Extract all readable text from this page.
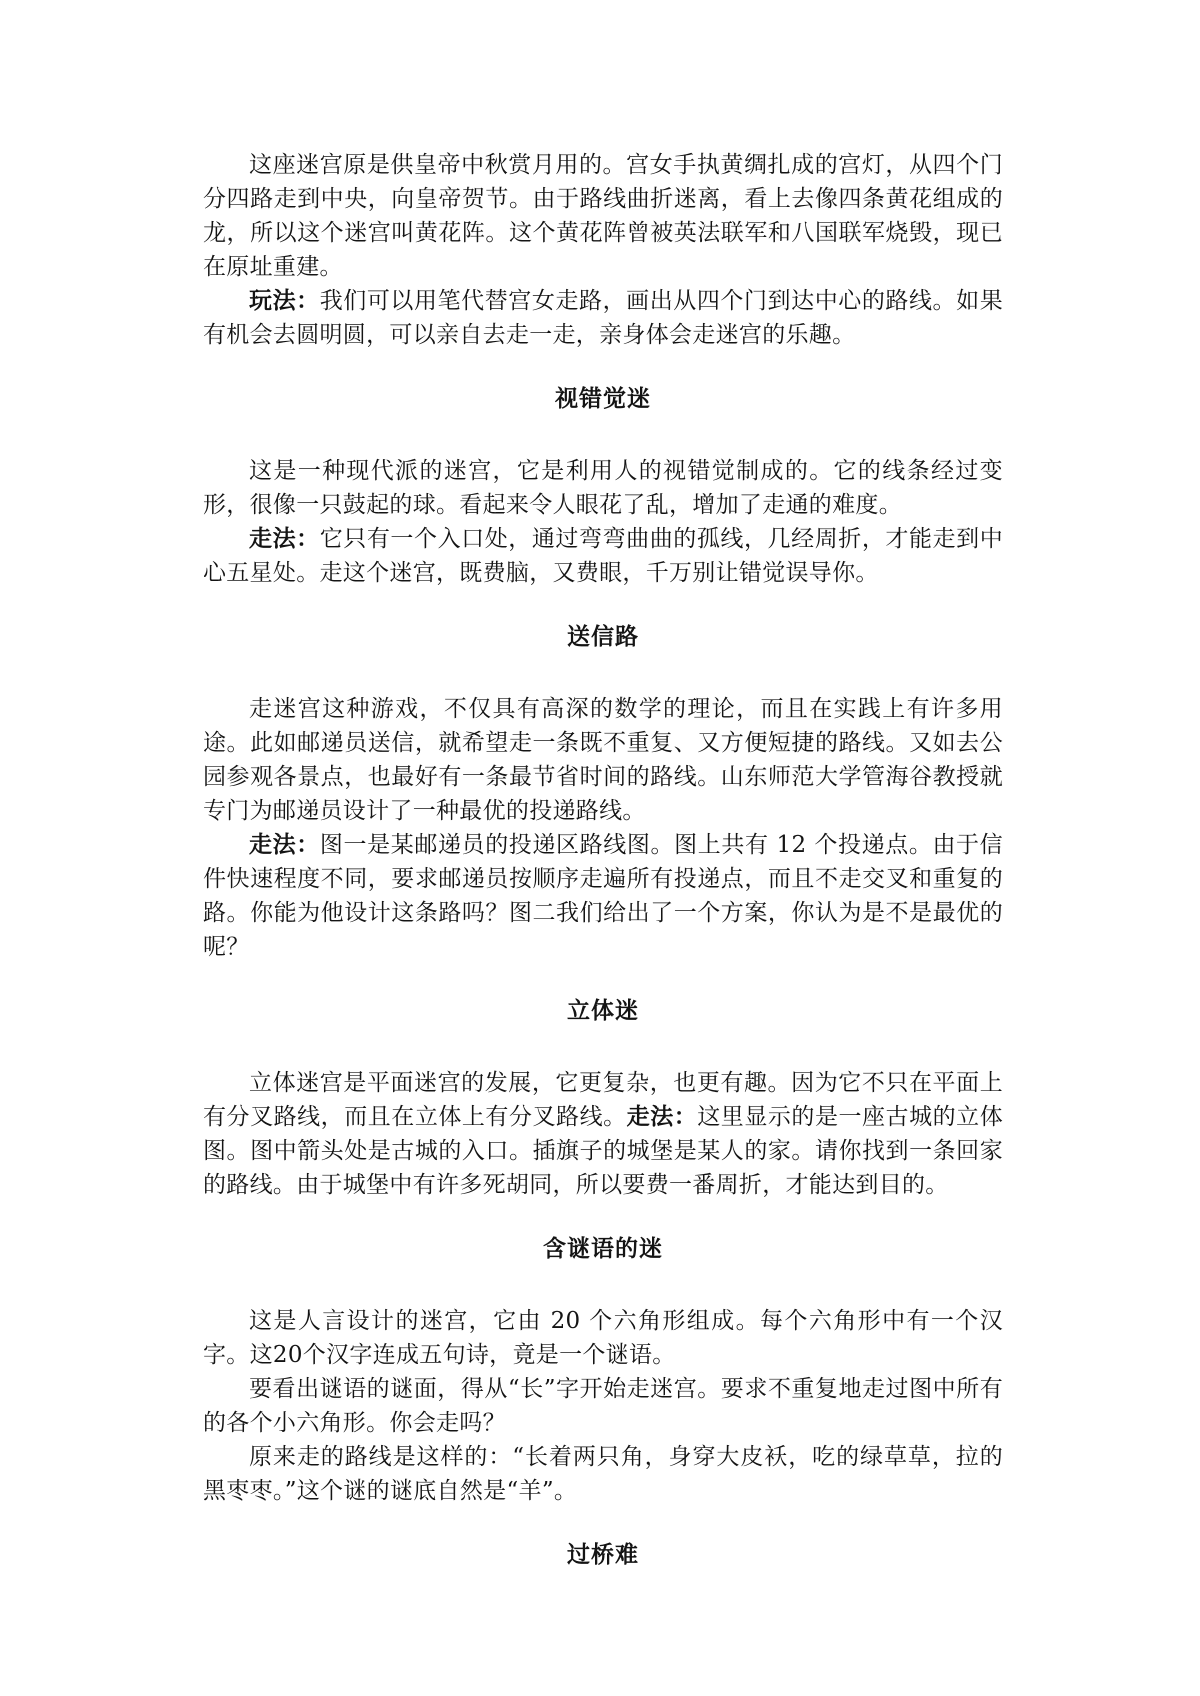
这座迷宫原是供皇帝中秋赏月用的。宫女手执黄绸扎成的宫灯，从四个门分四路走到中央，向皇帝贺节。由于路线曲折迷离，看上去像四条黄花组成的龙，所以这个迷宫叫黄花阵。这个黄花阵曾被英法联军和八国联军烧毁，现已在原址重建。

玩法：我们可以用笔代替宫女走路，画出从四个门到达中心的路线。如果有机会去圆明圆，可以亲自去走一走，亲身体会走迷宫的乐趣。

视错觉迷

这是一种现代派的迷宫，它是利用人的视错觉制成的。它的线条经过变形，很像一只鼓起的球。看起来令人眼花了乱，增加了走通的难度。

走法：它只有一个入口处，通过弯弯曲曲的孤线，几经周折，才能走到中心五星处。走这个迷宫，既费脑，又费眼，千万别让错觉误导你。

送信路

走迷宫这种游戏，不仅具有高深的数学的理论，而且在实践上有许多用途。此如邮递员送信，就希望走一条既不重复、又方便短捷的路线。又如去公园参观各景点，也最好有一条最节省时间的路线。山东师范大学管海谷教授就专门为邮递员设计了一种最优的投递路线。

走法：图一是某邮递员的投递区路线图。图上共有 12 个投递点。由于信件快速程度不同，要求邮递员按顺序走遍所有投递点，而且不走交叉和重复的路。你能为他设计这条路吗？图二我们给出了一个方案，你认为是不是最优的呢？

立体迷

立体迷宫是平面迷宫的发展，它更复杂，也更有趣。因为它不只在平面上有分叉路线，而且在立体上有分叉路线。走法：这里显示的是一座古城的立体图。图中箭头处是古城的入口。插旗子的城堡是某人的家。请你找到一条回家的路线。由于城堡中有许多死胡同，所以要费一番周折，才能达到目的。

含谜语的迷

这是人言设计的迷宫，它由 20 个六角形组成。每个六角形中有一个汉字。这20个汉字连成五句诗，竟是一个谜语。

要看出谜语的谜面，得从“长”字开始走迷宫。要求不重复地走过图中所有的各个小六角形。你会走吗？

原来走的路线是这样的：“长着两只角，身穿大皮袄，吃的绿草草，拉的黑枣枣。”这个谜的谜底自然是“羊”。

过桥难
